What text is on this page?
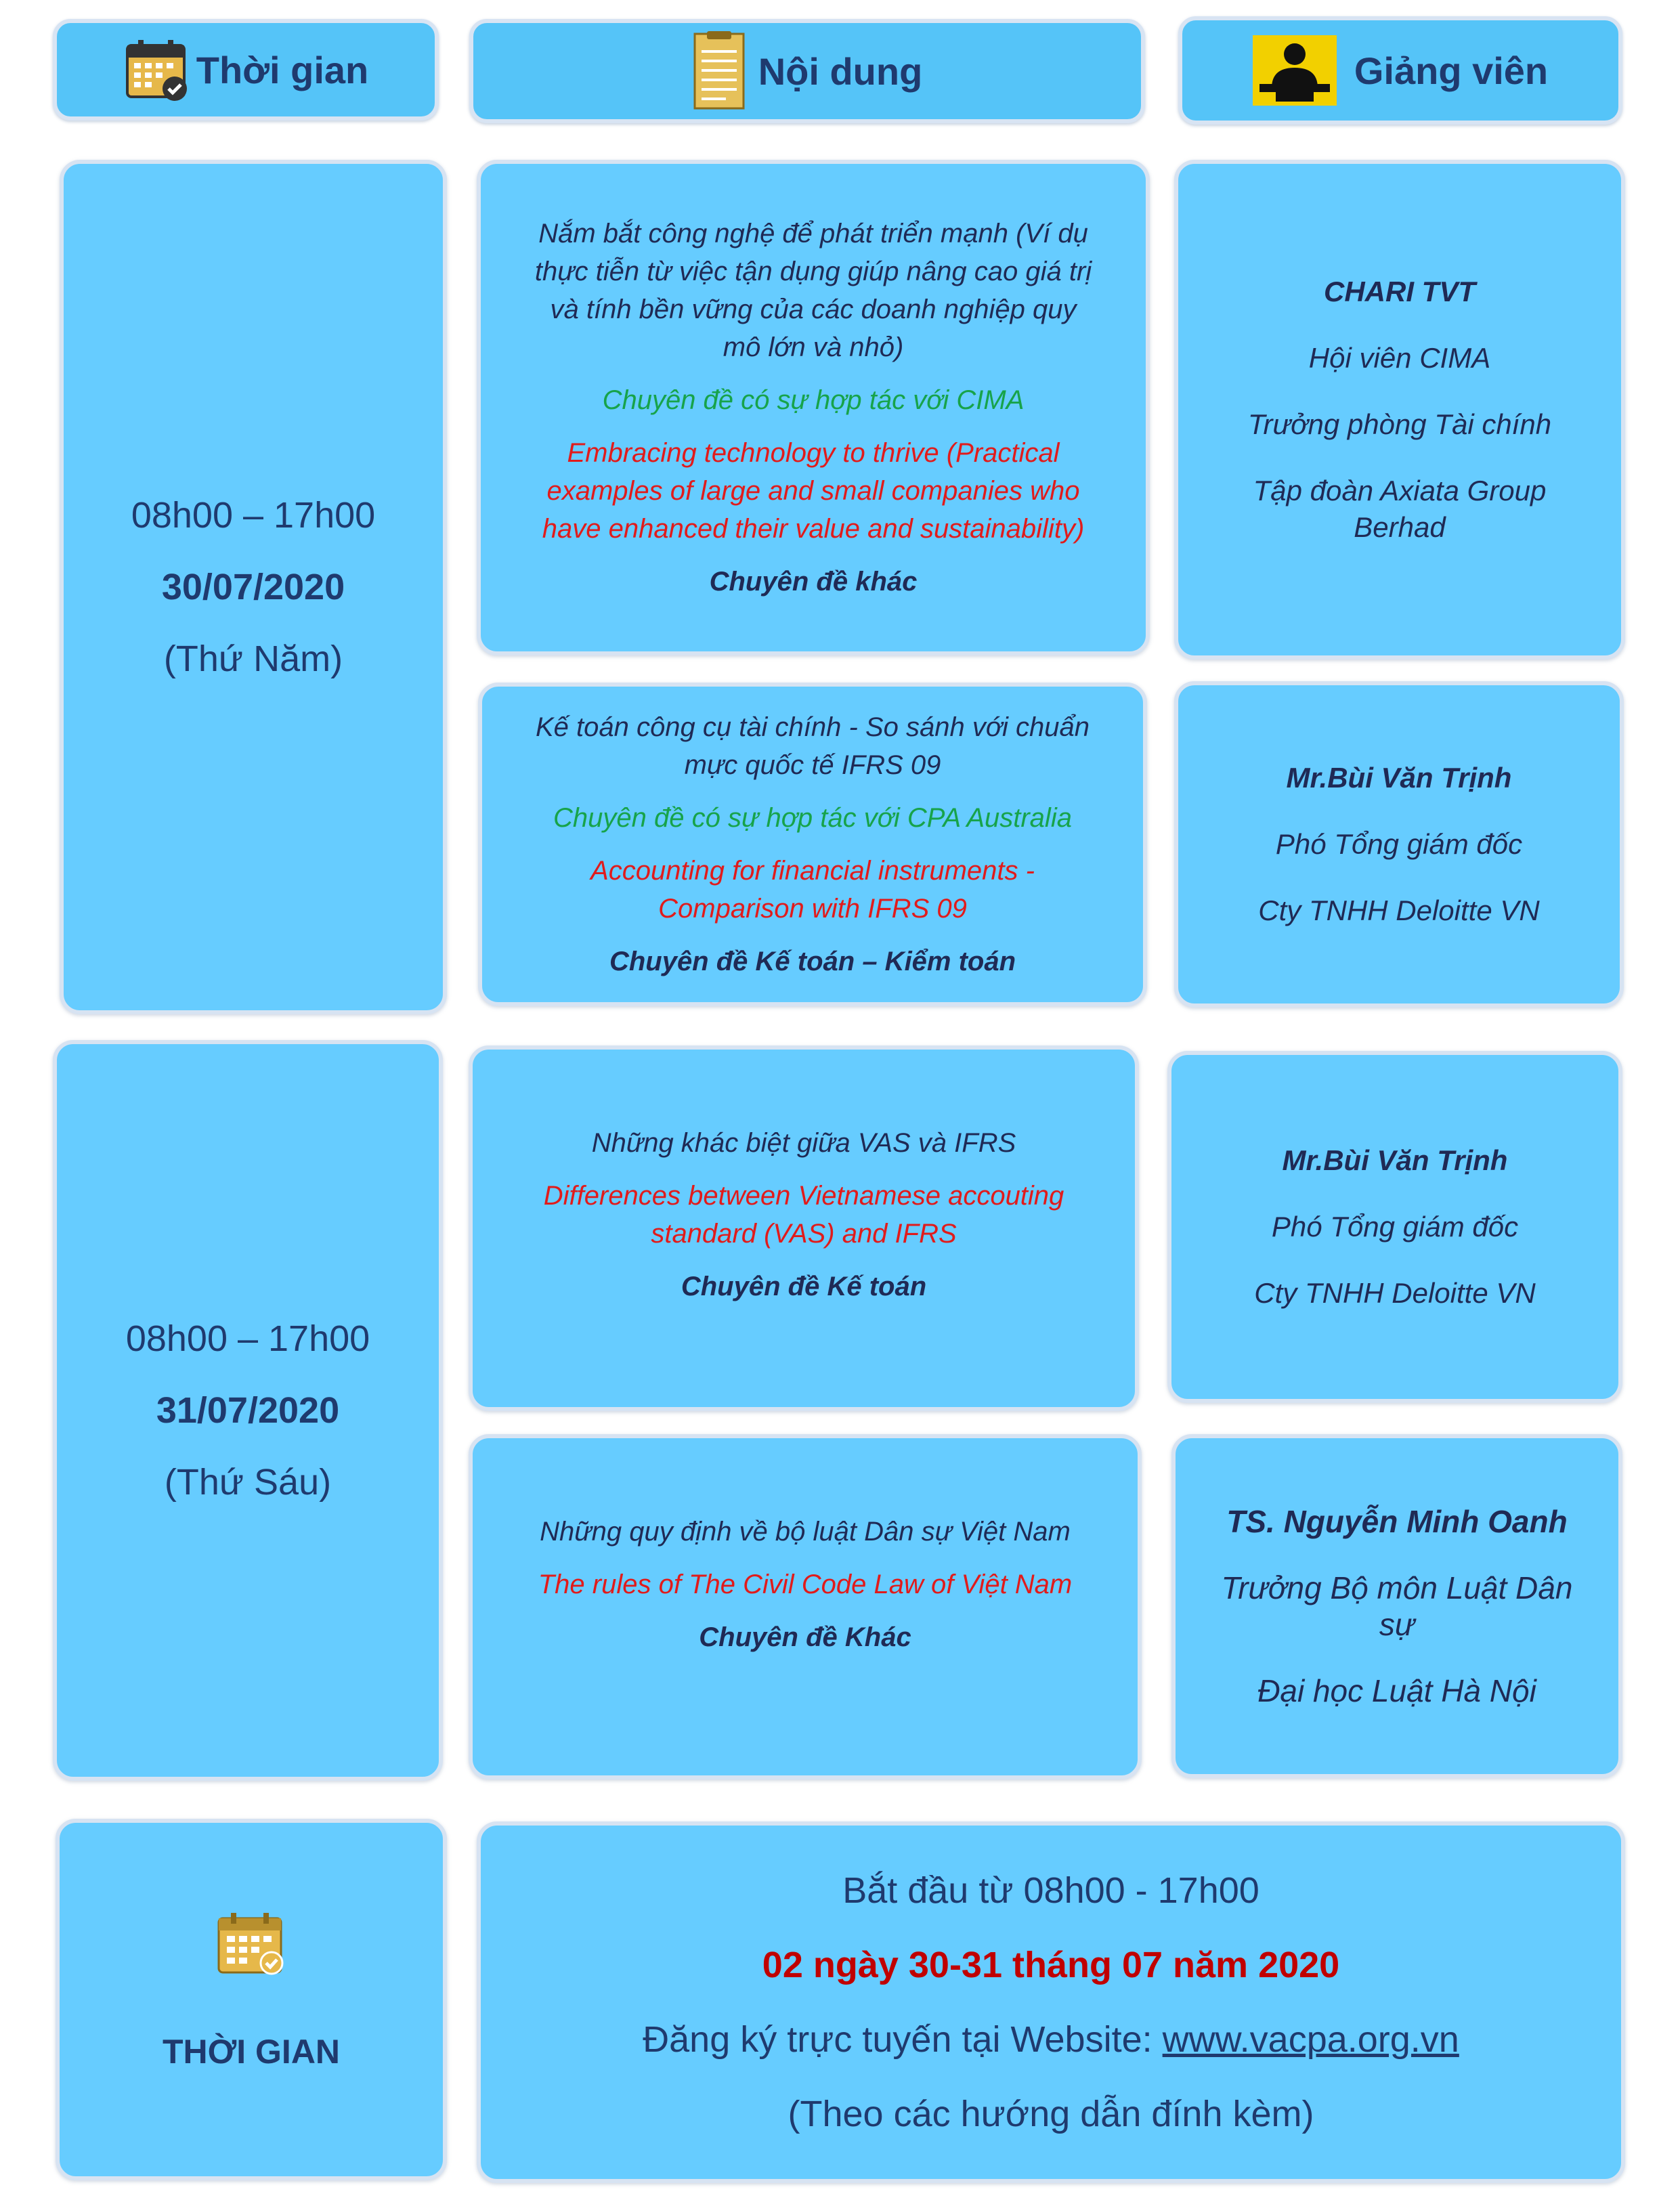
Thời gian	Nội dung	Giảng viên
08h00 – 17h00
30/07/2020
(Thứ Năm)
Nắm bắt công nghệ để phát triển mạnh (Ví dụ thực tiễn từ việc tận dụng giúp nâng cao giá trị và tính bền vững của các doanh nghiệp quy mô lớn và nhỏ)
Chuyên đề có sự hợp tác với CIMA
Embracing technology to thrive (Practical examples of large and small companies who have enhanced their value and sustainability)
Chuyên đề khác
CHARI TVT
Hội viên CIMA
Trưởng phòng Tài chính
Tập đoàn Axiata Group Berhad
Kế toán công cụ tài chính - So sánh với chuẩn mực quốc tế IFRS 09
Chuyên đề có sự hợp tác với CPA Australia
Accounting for financial instruments - Comparison with IFRS 09
Chuyên đề Kế toán – Kiểm toán
Mr.Bùi Văn Trịnh
Phó Tổng giám đốc
Cty TNHH Deloitte VN
08h00 – 17h00
31/07/2020
(Thứ Sáu)
Những khác biệt giữa VAS và IFRS
Differences between Vietnamese accouting standard (VAS) and IFRS
Chuyên đề Kế toán
Mr.Bùi Văn Trịnh
Phó Tổng giám đốc
Cty TNHH Deloitte VN
Những quy định về bộ luật Dân sự Việt Nam
The rules of The Civil Code Law of Việt Nam
Chuyên đề Khác
TS. Nguyễn Minh Oanh
Trưởng Bộ môn Luật Dân sự
Đại học Luật Hà Nội
THỜI GIAN
Bắt đầu từ 08h00 - 17h00
02 ngày 30-31 tháng 07 năm 2020
Đăng ký trực tuyến tại Website: www.vacpa.org.vn
(Theo các hướng dẫn đính kèm)
